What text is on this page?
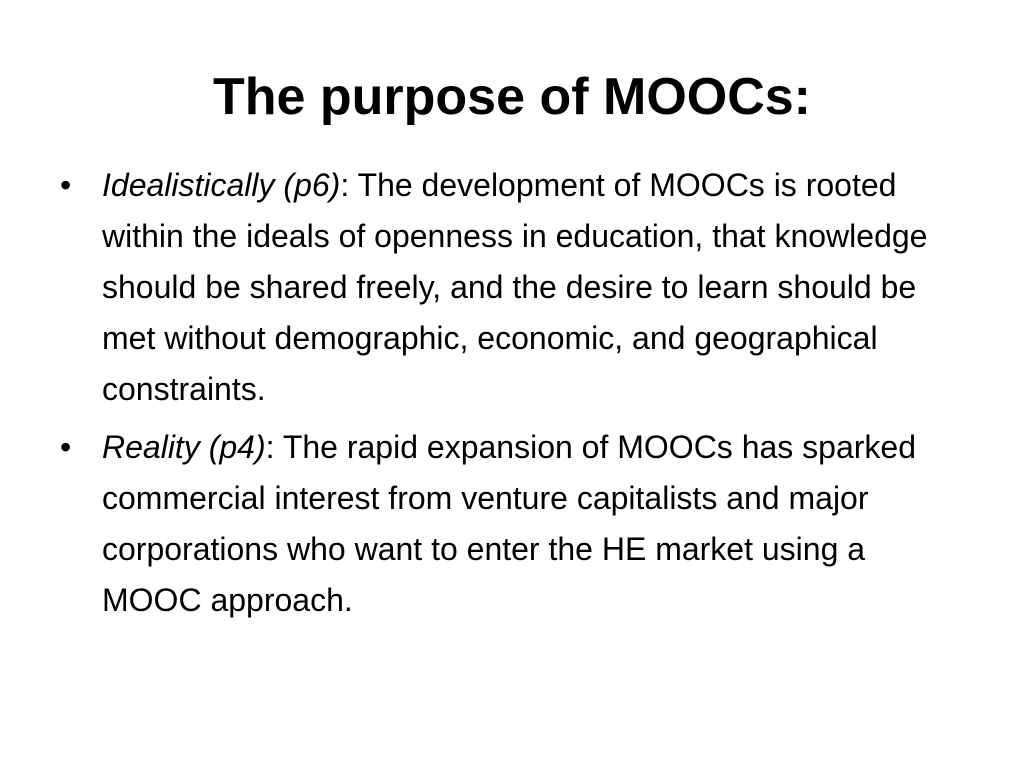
The purpose of MOOCs:
• Idealistically (p6): The development of MOOCs is rooted within the ideals of openness in education, that knowledge should be shared freely, and the desire to learn should be met without demographic, economic, and geographical constraints.
• Reality (p4): The rapid expansion of MOOCs has sparked commercial interest from venture capitalists and major corporations who want to enter the HE market using a MOOC approach.
